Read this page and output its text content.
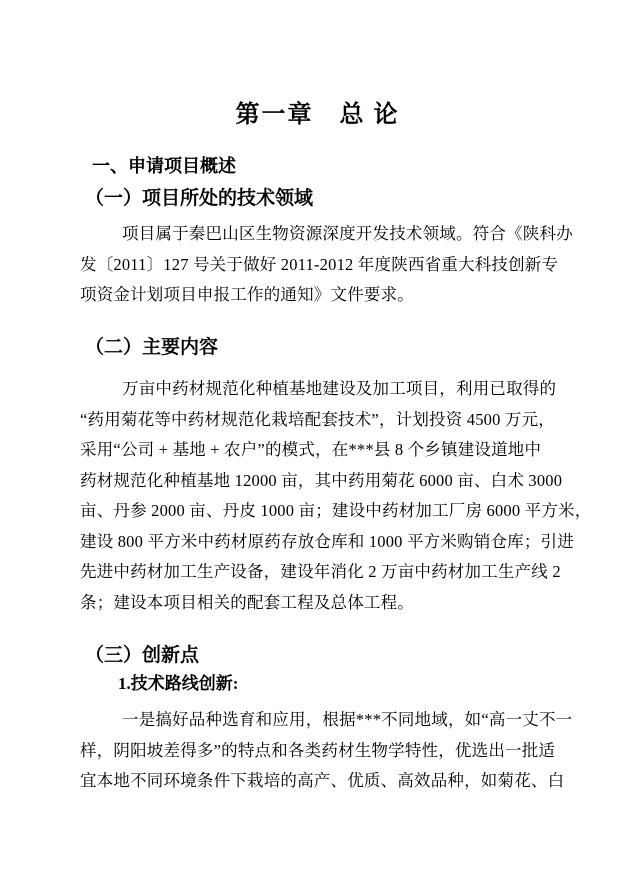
第一章　总 论
一、申请项目概述
（一）项目所处的技术领域
项目属于秦巴山区生物资源深度开发技术领域。符合《陕科办
发〔2011〕127 号关于做好 2011-2012 年度陕西省重大科技创新专
项资金计划项目申报工作的通知》文件要求。
（二）主要内容
万亩中药材规范化种植基地建设及加工项目，利用已取得的
“药用菊花等中药材规范化栽培配套技术”，计划投资 4500 万元，
采用“公司 + 基地 + 农户”的模式，在***县 8 个乡镇建设道地中
药材规范化种植基地 12000 亩，其中药用菊花 6000 亩、白术 3000
亩、丹参 2000 亩、丹皮 1000 亩；建设中药材加工厂房 6000 平方米，
建设 800 平方米中药材原药存放仓库和 1000 平方米购销仓库；引进
先进中药材加工生产设备，建设年消化 2 万亩中药材加工生产线 2
条；建设本项目相关的配套工程及总体工程。
（三）创新点
1.技术路线创新:
一是搞好品种选育和应用，根据***不同地域，如“高一丈不一
样，阴阳坡差得多”的特点和各类药材生物学特性，优选出一批适
宜本地不同环境条件下栽培的高产、优质、高效品种，如菊花、白
